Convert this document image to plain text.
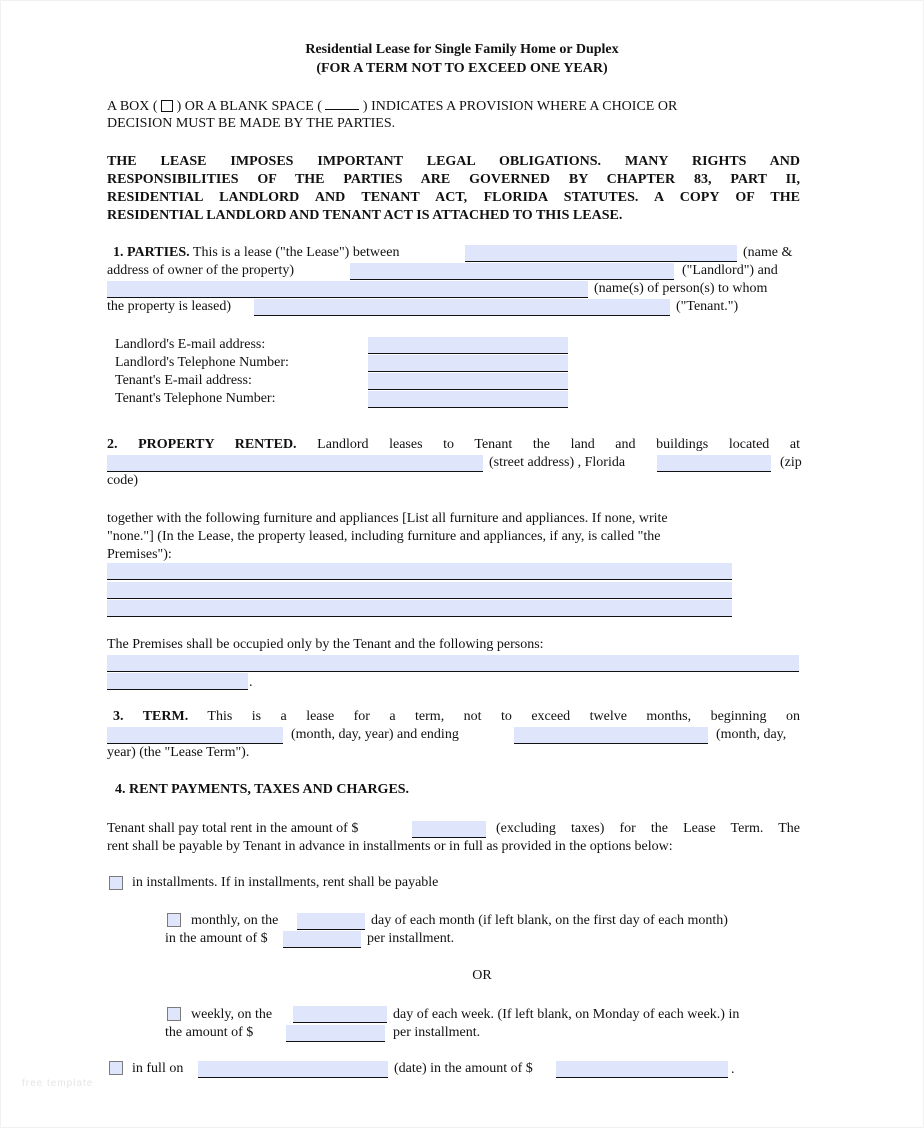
Residential Lease for Single Family Home or Duplex
(FOR A TERM NOT TO EXCEED ONE YEAR)
A BOX ( ) OR A BLANK SPACE (	) INDICATES A PROVISION WHERE A CHOICE OR
DECISION MUST BE MADE BY THE PARTIES.
THE LEASE IMPOSES IMPORTANT LEGAL OBLIGATIONS. MANY RIGHTS AND
RESPONSIBILITIES OF THE PARTIES ARE GOVERNED BY CHAPTER 83, PART II,
RESIDENTIAL LANDLORD AND TENANT ACT, FLORIDA STATUTES. A COPY OF THE
RESIDENTIAL LANDLORD AND TENANT ACT IS ATTACHED TO THIS LEASE.
1. PARTIES. This is a lease ("the Lease") between	(name &
address of owner of the property)	("Landlord") and
(name(s) of person(s) to whom
the property is leased)	("Tenant.")
Landlord's E-mail address:
Landlord's Telephone Number:
Tenant's E-mail address:
Tenant's Telephone Number:
2. PROPERTY RENTED. Landlord leases to Tenant the land and buildings located at
(street address) , Florida	(zip
code)
together with the following furniture and appliances [List all furniture and appliances. If none, write
"none."] (In the Lease, the property leased, including furniture and appliances, if any, is called "the
Premises"):
The Premises shall be occupied only by the Tenant and the following persons:
.
3. TERM. This is a lease for a term, not to exceed twelve months, beginning on
(month, day, year) and ending	(month, day,
year) (the "Lease Term").
4. RENT PAYMENTS, TAXES AND CHARGES.
Tenant shall pay total rent in the amount of $	(excluding taxes) for the Lease Term. The
rent shall be payable by Tenant in advance in installments or in full as provided in the options below:
in installments. If in installments, rent shall be payable
monthly, on the	day of each month (if left blank, on the first day of each month)
in the amount of $	per installment.
OR
weekly, on the	day of each week. (If left blank, on Monday of each week.) in
the amount of $	per installment.
in full on	(date) in the amount of $	.
free template
